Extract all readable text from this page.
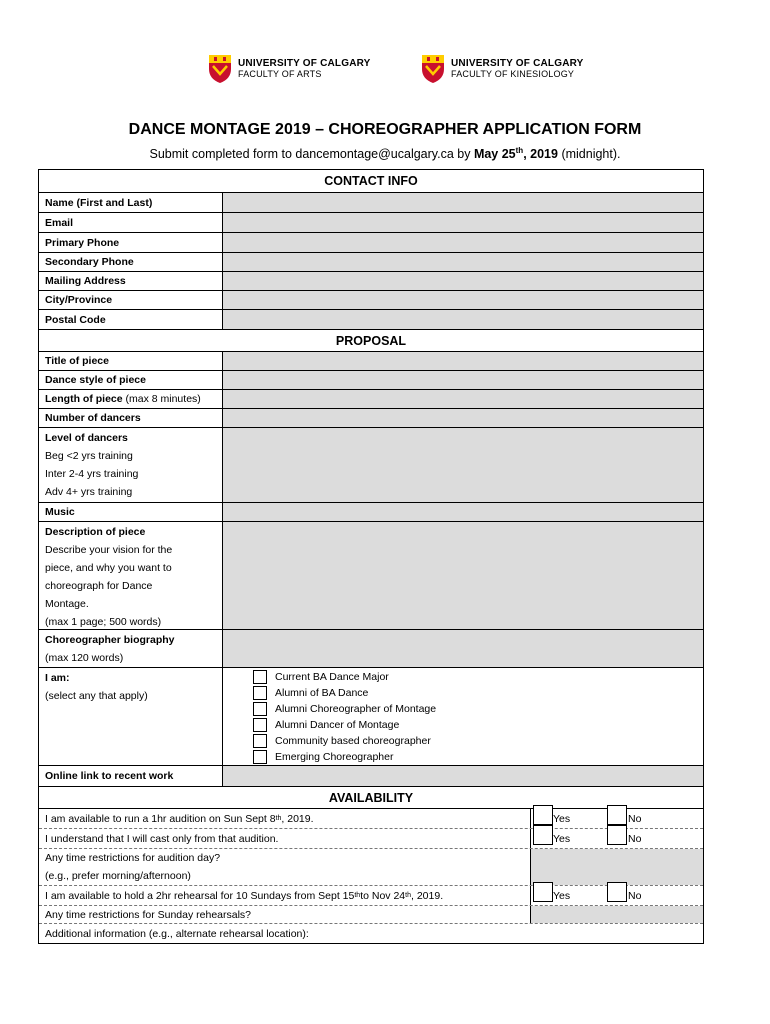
UNIVERSITY OF CALGARY
FACULTY OF ARTS
UNIVERSITY OF CALGARY
FACULTY OF KINESIOLOGY
DANCE MONTAGE 2019 – CHOREOGRAPHER APPLICATION FORM
Submit completed form to dancemontage@ucalgary.ca by May 25th, 2019 (midnight).
CONTACT INFO
Name (First and Last)
Email
Primary Phone
Secondary Phone
Mailing Address
City/Province
Postal Code
PROPOSAL
Title of piece
Dance style of piece
Length of piece (max 8 minutes)
Number of dancers
Level of dancers
Beg <2 yrs training
Inter 2-4 yrs training
Adv 4+ yrs training
Music
Description of piece
Describe your vision for the
piece, and why you want to
choreograph for Dance
Montage.
(max 1 page; 500 words)
Choreographer biography
(max 120 words)
I am:
(select any that apply)
Current BA Dance Major
Alumni of BA Dance
Alumni Choreographer of Montage
Alumni Dancer of Montage
Community based choreographer
Emerging Choreographer
Online link to recent work
AVAILABILITY
I am available to run a 1hr audition on Sun Sept 8 th , 2019.	Yes	No
I understand that I will cast only from that audition.	Yes	No
Any time restrictions for audition day?
(e.g., prefer morning/afternoon)
I am available to hold a 2hr rehearsal for 10 Sundays from Sept 15 th to Nov 24 th , 2019.	Yes	No
Any time restrictions for Sunday rehearsals?
Additional information (e.g., alternate rehearsal location):
